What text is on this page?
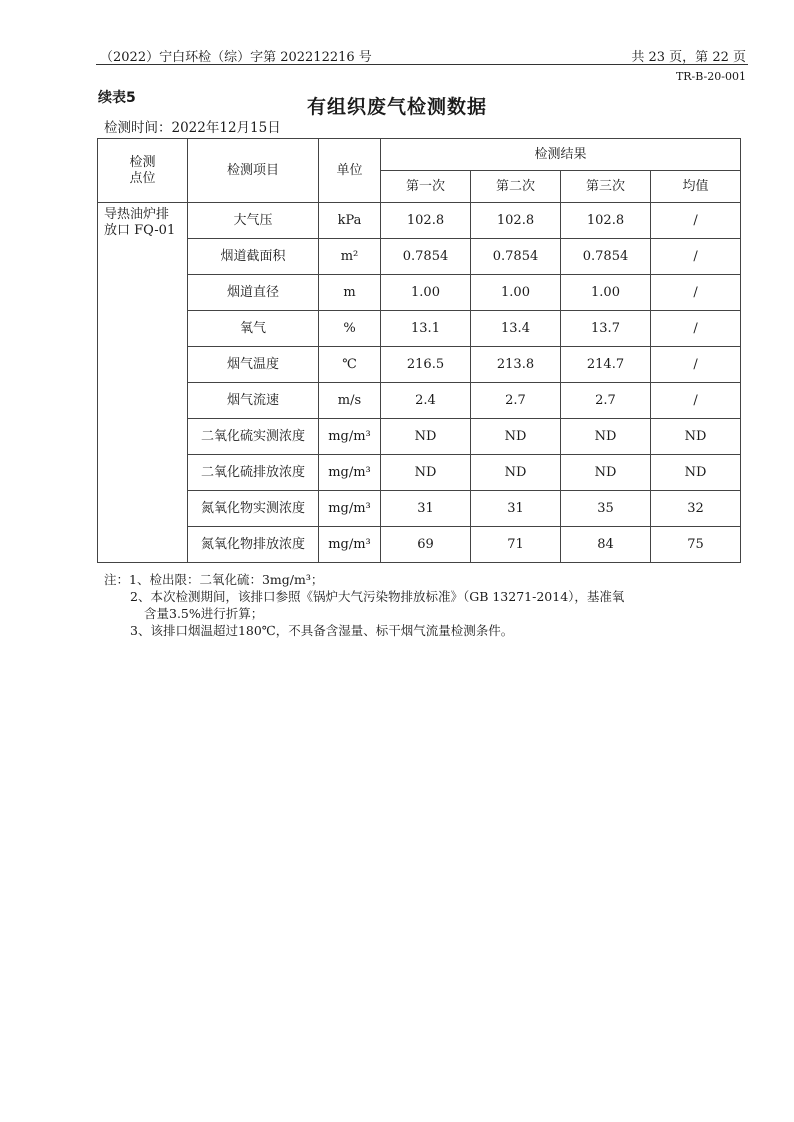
（2022）宁白环检（综）字第 202212216 号	共 23 页，第 22 页
TR-B-20-001
续表5	有组织废气检测数据
检测时间：2022年12月15日
检测
点位	检测项目	单位	检测结果			
			第一次	第二次	第三次	均值

导热油炉排
放口 FQ-01	大气压	kPa	102.8	102.8	102.8	/
	烟道截面积	m²	0.7854	0.7854	0.7854	/
	烟道直径	m	1.00	1.00	1.00	/
	氧气	%	13.1	13.4	13.7	/
	烟气温度	℃	216.5	213.8	214.7	/
	烟气流速	m/s	2.4	2.7	2.7	/
	二氧化硫实测浓度	mg/m³	ND	ND	ND	ND
	二氧化硫排放浓度	mg/m³	ND	ND	ND	ND
	氮氧化物实测浓度	mg/m³	31	31	35	32
	氮氧化物排放浓度	mg/m³	69	71	84	75
注：1、检出限：二氧化硫：3mg/m³；
2、本次检测期间，该排口参照《锅炉大气污染物排放标准》（GB 13271-2014），基准氧
含量3.5%进行折算；
3、该排口烟温超过180℃，不具备含湿量、标干烟气流量检测条件。
